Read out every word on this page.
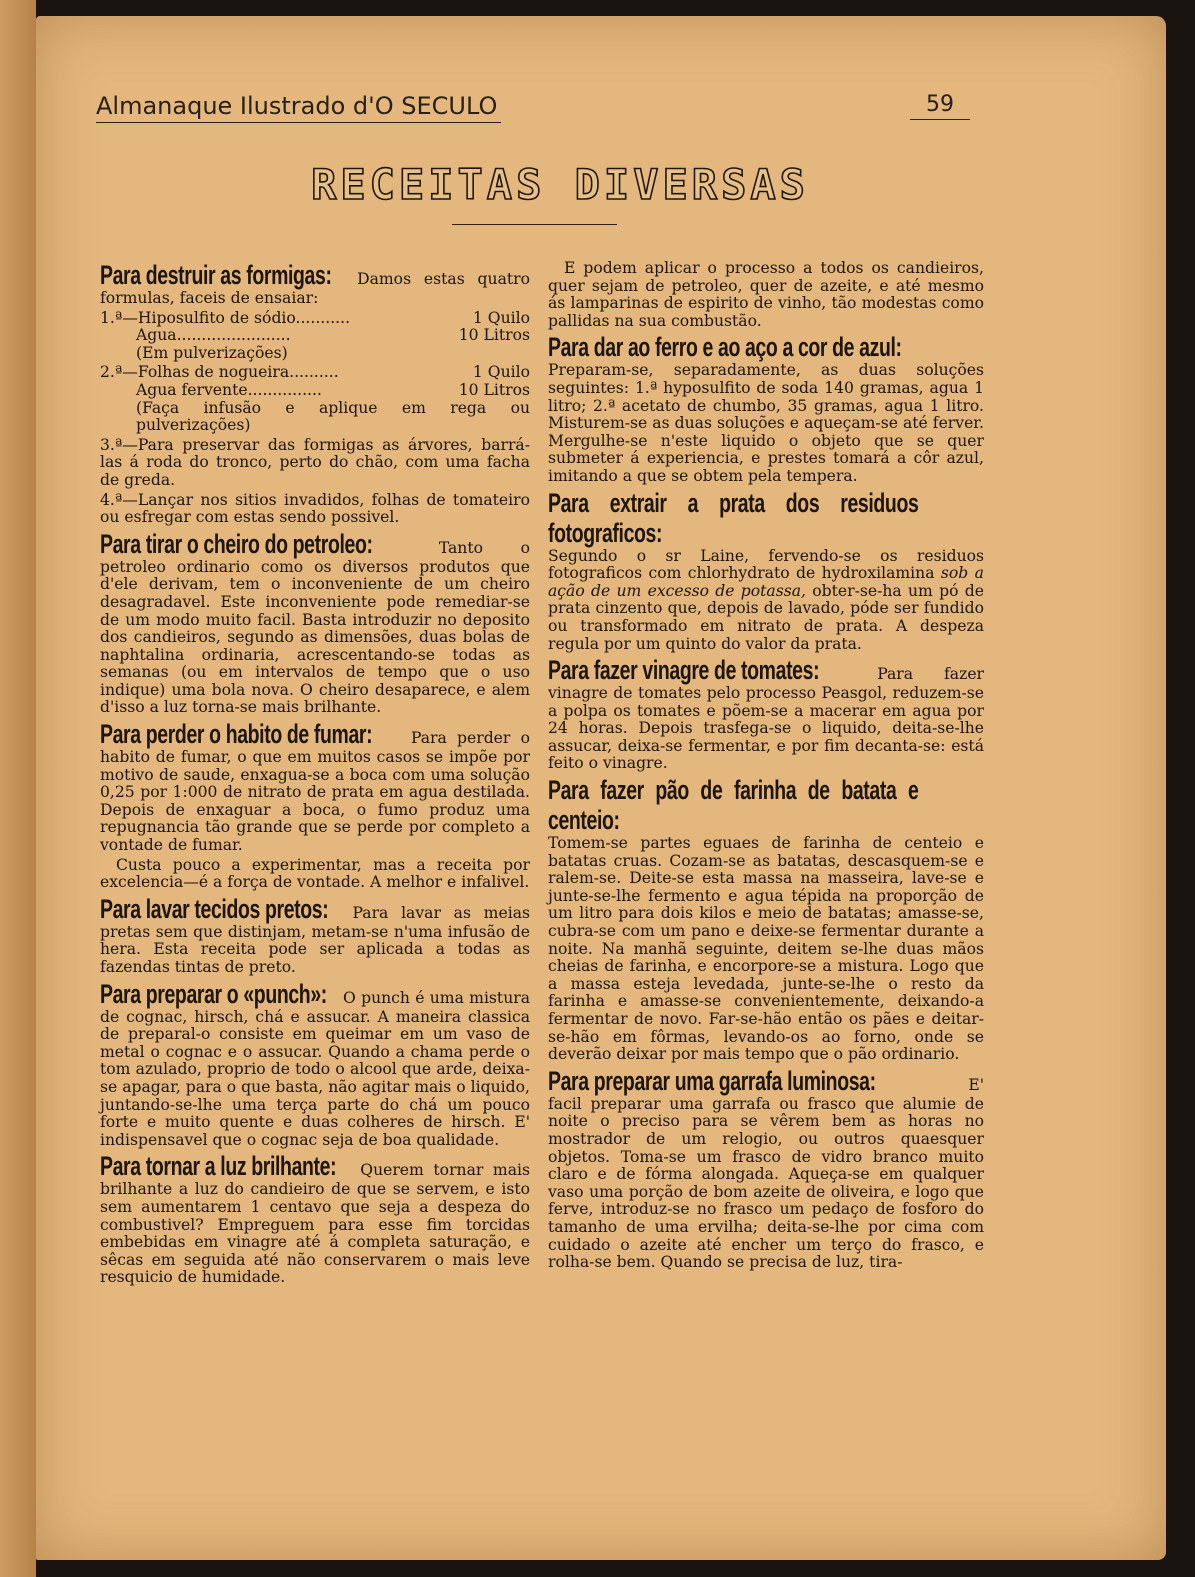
Almanaque Ilustrado d'O SECULO	59
RECEITAS DIVERSAS

Para destruir as formigas: Damos estas quatro formulas, faceis de ensaiar:

1.ª—Hiposulfito de sódio...........	1 Quilo
Agua.......................	10 Litros

(Em pulverizações)

2.ª—Folhas de nogueira..........	1 Quilo
Agua fervente...............	10 Litros

(Faça infusão e aplique em rega ou pulverizações)

3.ª—Para preservar das formigas as árvores, barrá-las á roda do tronco, perto do chão, com uma facha de greda.

4.ª—Lançar nos sitios invadidos, folhas de tomateiro ou esfregar com estas sendo possivel.

Para tirar o cheiro do petroleo:	Tanto o petroleo ordinario como os diversos produtos que d'ele derivam, tem o inconveniente de um cheiro desagradavel. Este inconveniente pode remediar-se de um modo muito facil. Basta introduzir no deposito dos candieiros, segundo as dimensões, duas bolas de naphtalina ordinaria, acrescentando-se todas as semanas (ou em intervalos de tempo que o uso indique) uma bola nova. O cheiro desaparece, e alem d'isso a luz torna-se mais brilhante.

Para perder o habito de fumar: Para perder o habito de fumar, o que em muitos casos se impõe por motivo de saude, enxagua-se a boca com uma solução 0,25 por 1:000 de nitrato de prata em agua destilada. Depois de enxaguar a boca, o fumo produz uma repugnancia tão grande que se perde por completo a vontade de fumar.

Custa pouco a experimentar, mas a receita por excelencia—é a força de vontade. A melhor e infalivel.

Para lavar tecidos pretos: Para lavar as meias pretas sem que distinjam, metam-se n'uma infusão de hera. Esta receita pode ser aplicada a todas as fazendas tintas de preto.

Para preparar o «punch»: O punch é uma mistura de cognac, hirsch, chá e assucar. A maneira classica de preparal-o consiste em queimar em um vaso de metal o cognac e o assucar. Quando a chama perde o tom azulado, proprio de todo o alcool que arde, deixa-se apagar, para o que basta, não agitar mais o liquido, juntando-se-lhe uma terça parte do chá um pouco forte e muito quente e duas colheres de hirsch. E' indispensavel que o cognac seja de boa qualidade.

Para tornar a luz brilhante: Querem tornar mais brilhante a luz do candieiro de que se servem, e isto sem aumentarem 1 centavo que seja a despeza do combustivel? Empreguem para esse fim torcidas embebidas em vinagre até á completa saturação, e sêcas em seguida até não conservarem o mais leve resquicio de humidade.

E podem aplicar o processo a todos os candieiros, quer sejam de petroleo, quer de azeite, e até mesmo ás lamparinas de espirito de vinho, tão modestas como pallidas na sua combustão.

Para dar ao ferro e ao aço a cor de azul: Preparam-se, separadamente, as duas soluções seguintes: 1.ª hyposulfito de soda 140 gramas, agua 1 litro; 2.ª acetato de chumbo, 35 gramas, agua 1 litro. Misturem-se as duas soluções e aqueçam-se até ferver. Mergulhe-se n'este liquido o objeto que se quer submeter á experiencia, e prestes tomará a côr azul, imitando a que se obtem pela tempera.

Para extrair a prata dos residuos fotograficos: Segundo o sr Laine, fervendo-se os residuos fotograficos com chlorhydrato de hydroxilamina sob a ação de um excesso de potassa, obter-se-ha um pó de prata cinzento que, depois de lavado, póde ser fundido ou transformado em nitrato de prata. A despeza regula por um quinto do valor da prata.

Para fazer vinagre de tomates:	Para fazer vinagre de tomates pelo processo Peasgol, reduzem-se a polpa os tomates e põem-se a macerar em agua por 24 horas. Depois trasfega-se o liquido, deita-se-lhe assucar, deixa-se fermentar, e por fim decanta-se: está feito o vinagre.

Para fazer pão de farinha de batata e centeio: Tomem-se partes eguaes de farinha de centeio e batatas cruas. Cozam-se as batatas, descasquem-se e ralem-se. Deite-se esta massa na masseira, lave-se e junte-se-lhe fermento e agua tépida na proporção de um litro para dois kilos e meio de batatas; amasse-se, cubra-se com um pano e deixe-se fermentar durante a noite. Na manhã seguinte, deitem se-lhe duas mãos cheias de farinha, e encorpore-se a mistura. Logo que a massa esteja levedada, junte-se-lhe o resto da farinha e amasse-se convenientemente, deixando-a fermentar de novo. Far-se-hão então os pães e deitar-se-hão em fôrmas, levando-os ao forno, onde se deverão deixar por mais tempo que o pão ordinario.

Para preparar uma garrafa luminosa:	E' facil preparar uma garrafa ou frasco que alumie de noite o preciso para se vêrem bem as horas no mostrador de um relogio, ou outros quaesquer objetos. Toma-se um frasco de vidro branco muito claro e de fórma alongada. Aqueça-se em qualquer vaso uma porção de bom azeite de oliveira, e logo que ferve, introduz-se no frasco um pedaço de fosforo do tamanho de uma ervilha; deita-se-lhe por cima com cuidado o azeite até encher um terço do frasco, e rolha-se bem. Quando se precisa de luz, tira-
